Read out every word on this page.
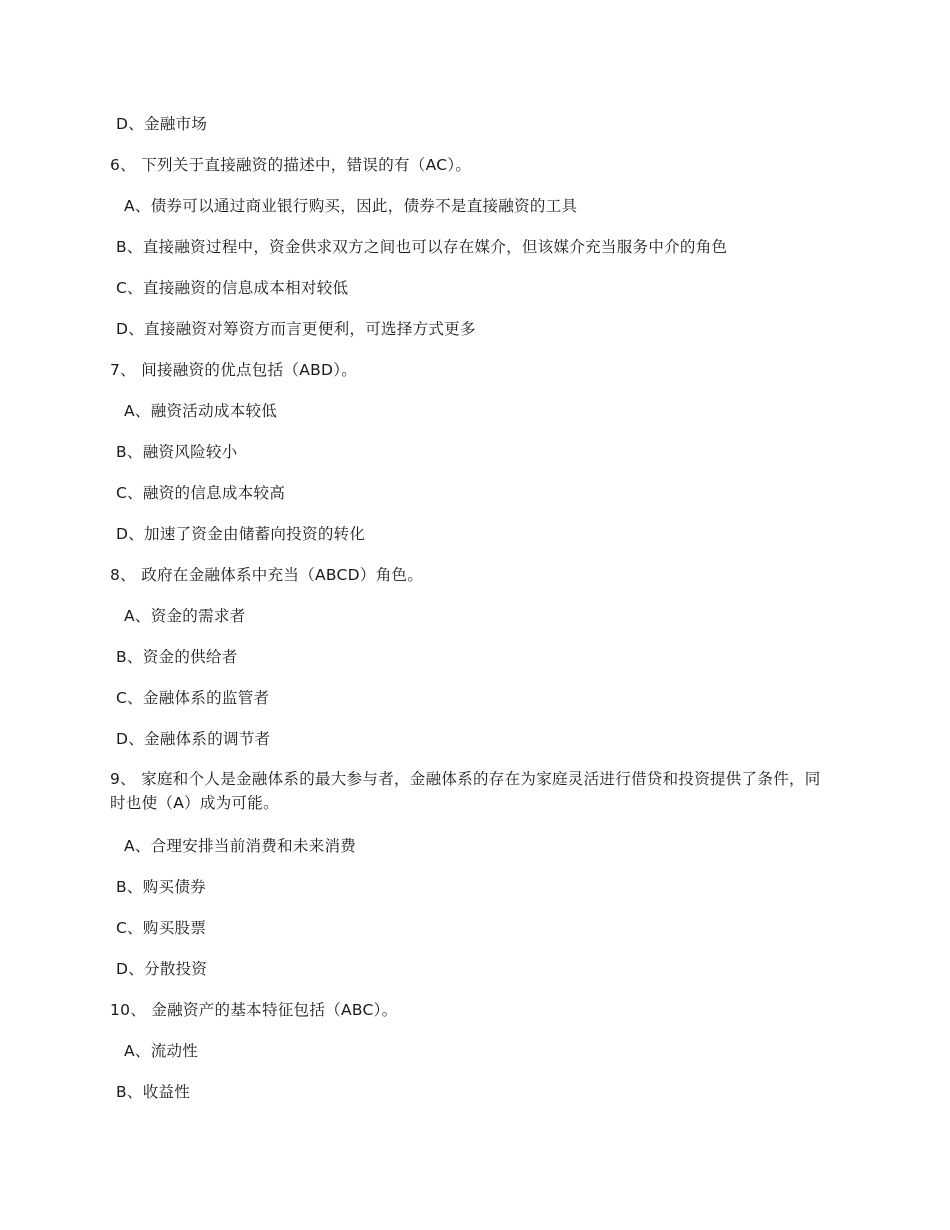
D、金融市场
6、 下列关于直接融资的描述中，错误的有（AC）。
A、债券可以通过商业银行购买，因此，债券不是直接融资的工具
B、直接融资过程中，资金供求双方之间也可以存在媒介，但该媒介充当服务中介的角色
C、直接融资的信息成本相对较低
D、直接融资对筹资方而言更便利，可选择方式更多
7、 间接融资的优点包括（ABD）。
A、融资活动成本较低
B、融资风险较小
C、融资的信息成本较高
D、加速了资金由储蓄向投资的转化
8、 政府在金融体系中充当（ABCD）角色。
A、资金的需求者
B、资金的供给者
C、金融体系的监管者
D、金融体系的调节者
9、 家庭和个人是金融体系的最大参与者，金融体系的存在为家庭灵活进行借贷和投资提供了条件，同时也使（A）成为可能。
A、合理安排当前消费和未来消费
B、购买债券
C、购买股票
D、分散投资
10、 金融资产的基本特征包括（ABC）。
A、流动性
B、收益性
